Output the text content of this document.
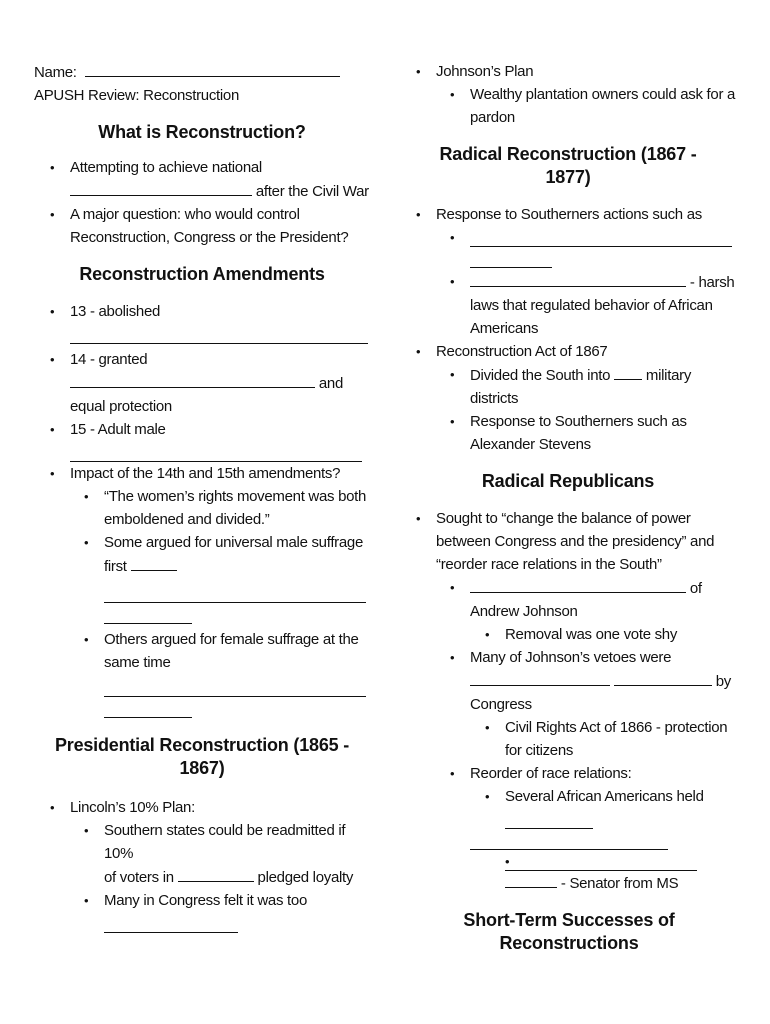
Name:
APUSH Review: Reconstruction
What is Reconstruction?
• Attempting to achieve national
after the Civil War
• A major question: who would control Reconstruction, Congress or the President?
Reconstruction Amendments
• 13 - abolished
• 14 - granted
and
equal protection
• 15 - Adult male
• Impact of the 14th and 15th amendments?
• “The women’s rights movement was both emboldened and divided.”
• Some argued for universal male suffrage first
• Others argued for female suffrage at the same time
Presidential Reconstruction (1865 - 1867)
• Lincoln’s 10% Plan:
• Southern states could be readmitted if 10%
of voters in	pledged loyalty
• Many in Congress felt it was too
• Johnson’s Plan
• Wealthy plantation owners could ask for a pardon
Radical Reconstruction (1867 - 1877)
• Response to Southerners actions such as
•
• - harsh
laws that regulated behavior of African Americans
• Reconstruction Act of 1867
• Divided the South into military districts
• Response to Southerners such as Alexander Stevens
Radical Republicans
• Sought to “change the balance of power between Congress and the presidency” and “reorder race relations in the South”
• of
Andrew Johnson
• Removal was one vote shy
• Many of Johnson’s vetoes were
by
Congress
• Civil Rights Act of 1866 - protection for citizens
• Reorder of race relations:
• Several African Americans held
• - Senator from MS
Short-Term Successes of Reconstructions
